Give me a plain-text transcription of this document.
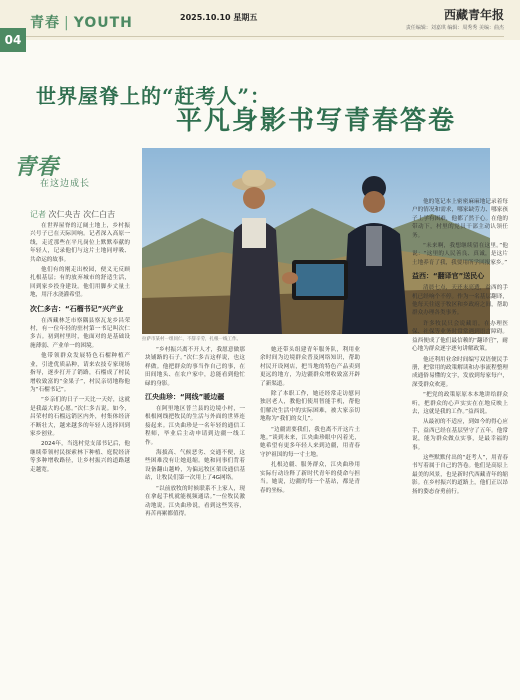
04
青春 | YOUTH	2025.10.10 星期五	西藏青年报
责任编辑：刘嘉琪 编辑：周秀秀 美编：曲杰
世界屋脊上的“赶考人”：
平凡身影书写青春答卷
青春
在这边成长
记者 次仁央吉 次仁白吉
拉萨市某村一组同仁，不辞辛劳，扎根一线工作。

在世界屋脊的辽阔土地上，乡村振兴号子已在天际回响。记者深入高原一线，走近那些在平凡岗位上默默奉献的年轻人，记录他们与这片土地同呼吸、共命运的故事。

他们有的刚走出校园，便义无反顾扎根基层；有的放弃城市的舒适生活，回到家乡投身建设。他们用脚步丈量土地，用汗水浇灌希望。

次仁多吉：“石榴书记”兴产业

在西藏林芝市察隅县察瓦龙乡昌荣村，有一位年轻的驻村第一书记叫次仁多吉。初到村里时，他面对的是基础设施薄弱、产业单一的困境。

他带领群众发展特色石榴种植产业，引进优质品种，请来农技专家现场指导，逐步打开了销路，石榴成了村民增收致富的“金果子”，村民亲切地称他为“石榴书记”。

“乡亲们的日子一天比一天好，这就是我最大的心愿。”次仁多吉说。如今，昌荣村的石榴远销区内外，村集体经济不断壮大，越来越多的年轻人选择回到家乡创业。

2024年，当选村党支部书记后，他继续带领村民探索林下种植、庭院经济等多种增收路径，让乡村振兴的道路越走越宽。

“乡村振兴离不开人才，我愿意做那块铺路的石子。”次仁多吉这样说，也这样做。他把群众的事当作自己的事，在田间地头、在农户家中，总能看到他忙碌的身影。

江央曲珍：“网线”暖边疆

在阿里地区普兰县的边境小村，一根根网线把牧民的生活与外面的世界连接起来。江央曲珍是一名年轻的通信工程师，毕业后主动申请到边疆一线工作。

海拔高、气候恶劣、交通不便，这些困难没有让她退缩。她和同事们背着设备翻山越岭，为偏远牧区架设通信基站，让牧民们第一次用上了4G网络。

“以前放牧的时候联系不上家人，现在拿起手机就能视频通话。”一位牧民激动地说。江央曲珍说，看到这些笑容，再苦再累都值得。

她还带头组建青年服务队，利用业余时间为边境群众普及网络知识，帮助村民开设网店，把当地的特色产品卖到更远的地方，为边疆群众增收致富开辟了新渠道。

除了本职工作，她还经常走访慰问独居老人，教他们使用智能手机，帮他们解决生活中的实际困难，被大家亲切地称为“我们的女儿”。

“边疆需要我们，我也离不开这片土地。”谈到未来，江央曲珍眼中闪着光，她希望有更多年轻人来到边疆，用青春守护祖国的每一寸土地。

扎根边疆、服务群众，江央曲珍用实际行动诠释了新时代青年的使命与担当。她说，边疆的每一个基站，都是青春的坐标。

他的笔记本上密密麻麻地记录着每户的情况和需求，哪家缺劳力、哪家孩子上学有困难，他都了然于心。在他的带动下，村里的党员干部主动认领任务。

“未来啊，我想继续留在这里。”他说：“这里的人民善良、真诚，是这片土地养育了我，我要用所学回报家乡。”

益西：“翻译官”送民心

清晨七点，天还未亮透，益西的手机已经响个不停。作为一名基层翻译，他每天往返于牧区和乡政府之间，帮助群众办理各类事务。

许多牧民只会说藏语，在办理医保、社保等业务时常常遇到语言障碍。益西便成了他们最信赖的“翻译官”，耐心地为群众逐字逐句讲解政策。

他还利用业余时间编写双语便民手册，把常用的政策解读和办事流程整理成通俗易懂的文字，发放到每家每户，深受群众欢迎。

“把党的政策原原本本地讲给群众听，把群众的心声实实在在地反映上去，这就是我的工作。”益西说。

从最初的不适应，到如今的得心应手，益西已经在基层坚守了五年。他常说，能为群众做点实事，是最幸福的事。

这些默默付出的“赶考人”，用青春书写着属于自己的答卷。他们是高原上最美的风景，也是新时代西藏青年的缩影。在乡村振兴的道路上，他们正以昂扬的姿态奋勇前行。
